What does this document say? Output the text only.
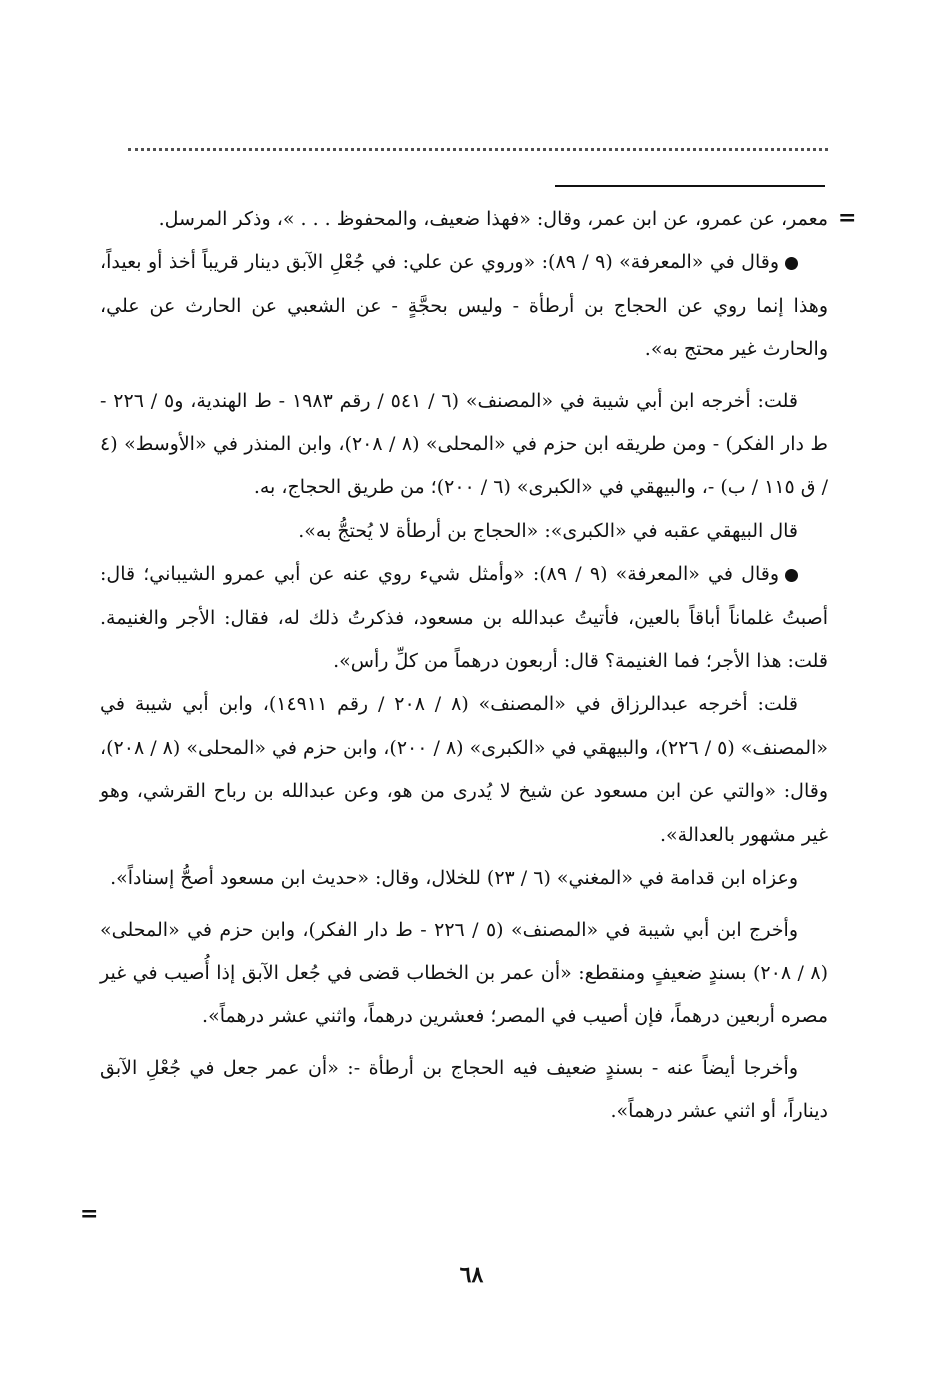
=

معمر، عن عمرو، عن ابن عمر، وقال: «فهذا ضعيف، والمحفوظ . . . »، وذكر المرسل.

وقال في «المعرفة» (٩ / ٨٩): «وروي عن علي: في جُعْلِ الآبق دينار قريباً أخذ أو بعيداً، وهذا إنما روي عن الحجاج بن أرطأة - وليس بحجَّةٍ - عن الشعبي عن الحارث عن علي، والحارث غير محتج به».

قلت: أخرجه ابن أبي شيبة في «المصنف» (٦ / ٥٤١ / رقم ١٩٨٣ - ط الهندية، و٥ / ٢٢٦ - ط دار الفكر) - ومن طريقه ابن حزم في «المحلى» (٨ / ٢٠٨)، وابن المنذر في «الأوسط» (٤ / ق ١١٥ / ب) -، والبيهقي في «الكبرى» (٦ / ٢٠٠)؛ من طريق الحجاج، به.

قال البيهقي عقبه في «الكبرى»: «الحجاج بن أرطأة لا يُحتجُّ به».

وقال في «المعرفة» (٩ / ٨٩): «وأمثل شيء روي عنه عن أبي عمرو الشيباني؛ قال: أصبتُ غلماناً أباقاً بالعين، فأتيتُ عبدالله بن مسعود، فذكرتُ ذلك له، فقال: الأجر والغنيمة. قلت: هذا الأجر؛ فما الغنيمة؟ قال: أربعون درهماً من كلِّ رأس».

قلت: أخرجه عبدالرزاق في «المصنف» (٨ / ٢٠٨ / رقم ١٤٩١١)، وابن أبي شيبة في «المصنف» (٥ / ٢٢٦)، والبيهقي في «الكبرى» (٨ / ٢٠٠)، وابن حزم في «المحلى» (٨ / ٢٠٨)، وقال: «والتي عن ابن مسعود عن شيخ لا يُدرى من هو، وعن عبدالله بن رباح القرشي، وهو غير مشهور بالعدالة».

وعزاه ابن قدامة في «المغني» (٦ / ٢٣) للخلال، وقال: «حديث ابن مسعود أصحُّ إسناداً».

وأخرج ابن أبي شيبة في «المصنف» (٥ / ٢٢٦ - ط دار الفكر)، وابن حزم في «المحلى» (٨ / ٢٠٨) بسندٍ ضعيفٍ ومنقطع: «أن عمر بن الخطاب قضى في جُعل الآبق إذا أُصيب في غير مصره أربعين درهماً، فإن أصيب في المصر؛ فعشرين درهماً، واثني عشر درهماً».

وأخرجا أيضاً عنه - بسندٍ ضعيف فيه الحجاج بن أرطأة -: «أن عمر جعل في جُعْلِ الآبق ديناراً، أو اثني عشر درهماً».

=
٦٨
